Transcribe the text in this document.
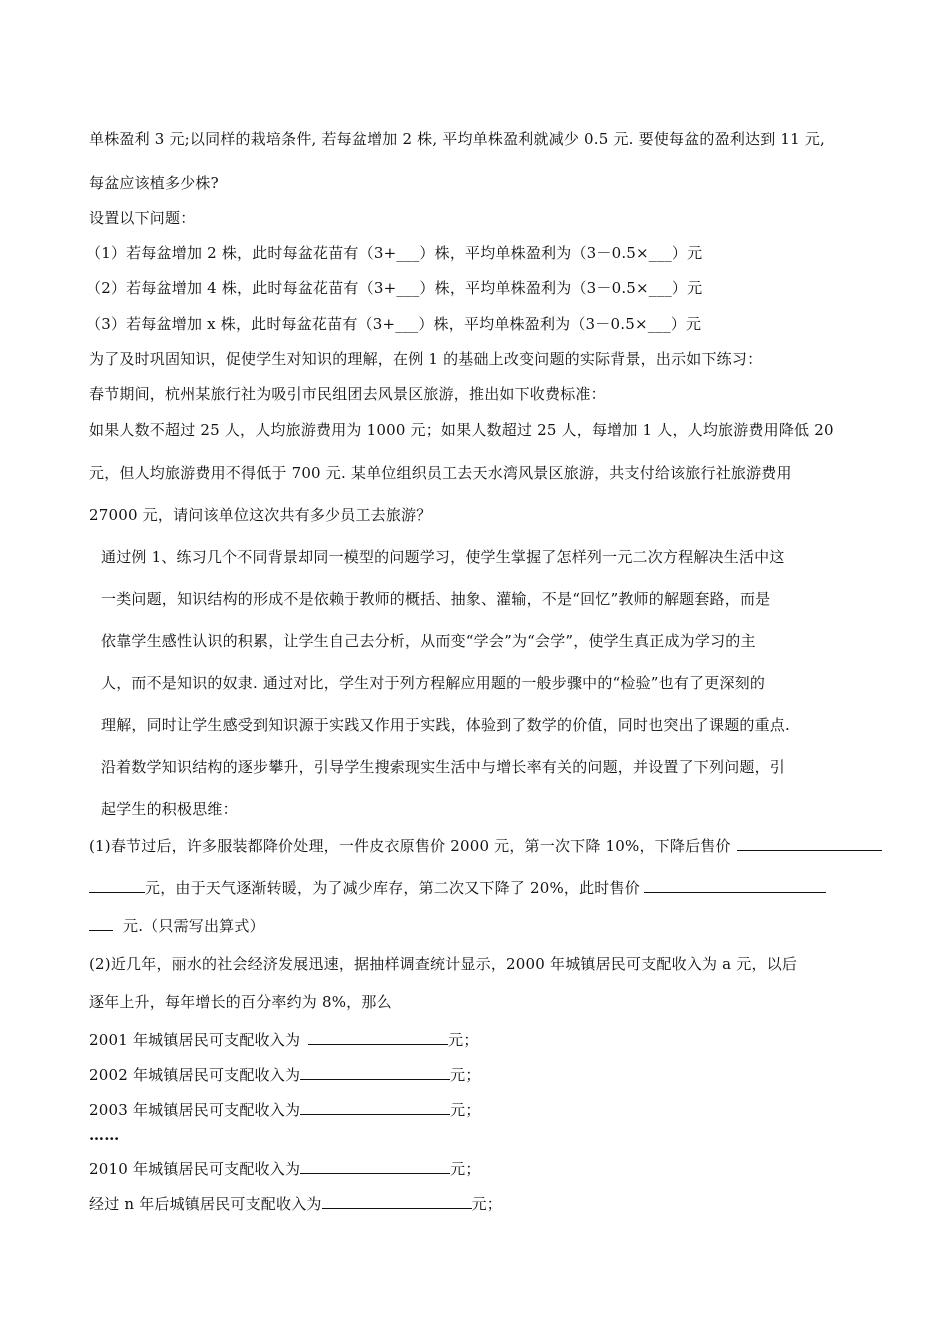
单株盈利 3 元;以同样的栽培条件, 若每盆增加 2 株, 平均单株盈利就减少 0.5 元. 要使每盆的盈利达到 11 元,
每盆应该植多少株?
设置以下问题：
（1）若每盆增加 2 株，此时每盆花苗有（3+___）株，平均单株盈利为（3－0.5×___）元
（2）若每盆增加 4 株，此时每盆花苗有（3+___）株，平均单株盈利为（3－0.5×___）元
（3）若每盆增加 x 株，此时每盆花苗有（3+___）株，平均单株盈利为（3－0.5×___）元
为了及时巩固知识，促使学生对知识的理解，在例 1 的基础上改变问题的实际背景，出示如下练习：
春节期间，杭州某旅行社为吸引市民组团去风景区旅游，推出如下收费标准：
如果人数不超过 25 人，人均旅游费用为 1000 元；如果人数超过 25 人，每增加 1 人，人均旅游费用降低 20
元，但人均旅游费用不得低于 700 元. 某单位组织员工去天水湾风景区旅游，共支付给该旅行社旅游费用
27000 元，请问该单位这次共有多少员工去旅游？
通过例 1、练习几个不同背景却同一模型的问题学习，使学生掌握了怎样列一元二次方程解决生活中这
一类问题，知识结构的形成不是依赖于教师的概括、抽象、灌输，不是“回忆”教师的解题套路，而是
依靠学生感性认识的积累，让学生自己去分析，从而变“学会”为“会学”，使学生真正成为学习的主
人，而不是知识的奴隶. 通过对比，学生对于列方程解应用题的一般步骤中的“检验”也有了更深刻的
理解，同时让学生感受到知识源于实践又作用于实践，体验到了数学的价值，同时也突出了课题的重点.
沿着数学知识结构的逐步攀升，引导学生搜索现实生活中与增长率有关的问题，并设置了下列问题，引
起学生的积极思维：
(1)春节过后，许多服装都降价处理，一件皮衣原售价 2000 元，第一次下降 10%，下降后售价
元，由于天气逐渐转暖，为了减少库存，第二次又下降了 20%，此时售价
元.（只需写出算式）
(2)近几年，丽水的社会经济发展迅速，据抽样调查统计显示，2000 年城镇居民可支配收入为 a 元，以后
逐年上升，每年增长的百分率约为 8%，那么
2001 年城镇居民可支配收入为	元；
2002 年城镇居民可支配收入为	元；
2003 年城镇居民可支配收入为	元；
……
2010 年城镇居民可支配收入为	元；
经过 n 年后城镇居民可支配收入为	元；
